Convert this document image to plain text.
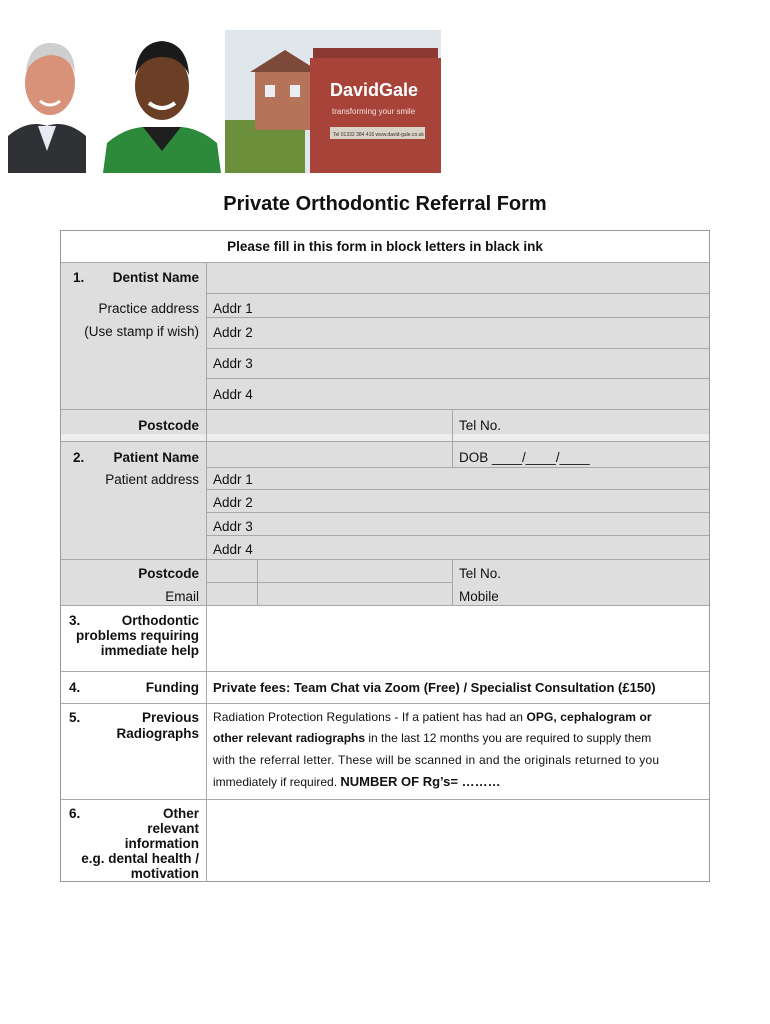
DavidGale
transforming your smile
Tel 01332 384 416 www.david-gale.co.uk
Private Orthodontic Referral Form
Please fill in this form in block letters in black ink
1.	Dentist Name
Practice address
(Use stamp if wish)
Addr 1
Addr 2
Addr 3
Addr 4
Postcode	Tel No.
2.	Patient Name	DOB ____/____/____
Patient address Addr 1
Addr 2
Addr 3
Addr 4
Postcode	Tel No.
Email	Mobile
3.	Orthodontic
problems requiring
immediate help
4.	Funding Private fees: Team Chat via Zoom (Free) / Specialist Consultation (£150)
5.	Previous
Radiographs
Radiation Protection Regulations - If a patient has had an OPG, cephalogram or
other relevant radiographs in the last 12 months you are required to supply them
with the referral letter. These will be scanned in and the originals returned to you
immediately if required. NUMBER OF Rg’s= ………
6.	Other
relevant
information
e.g. dental health /
motivation
